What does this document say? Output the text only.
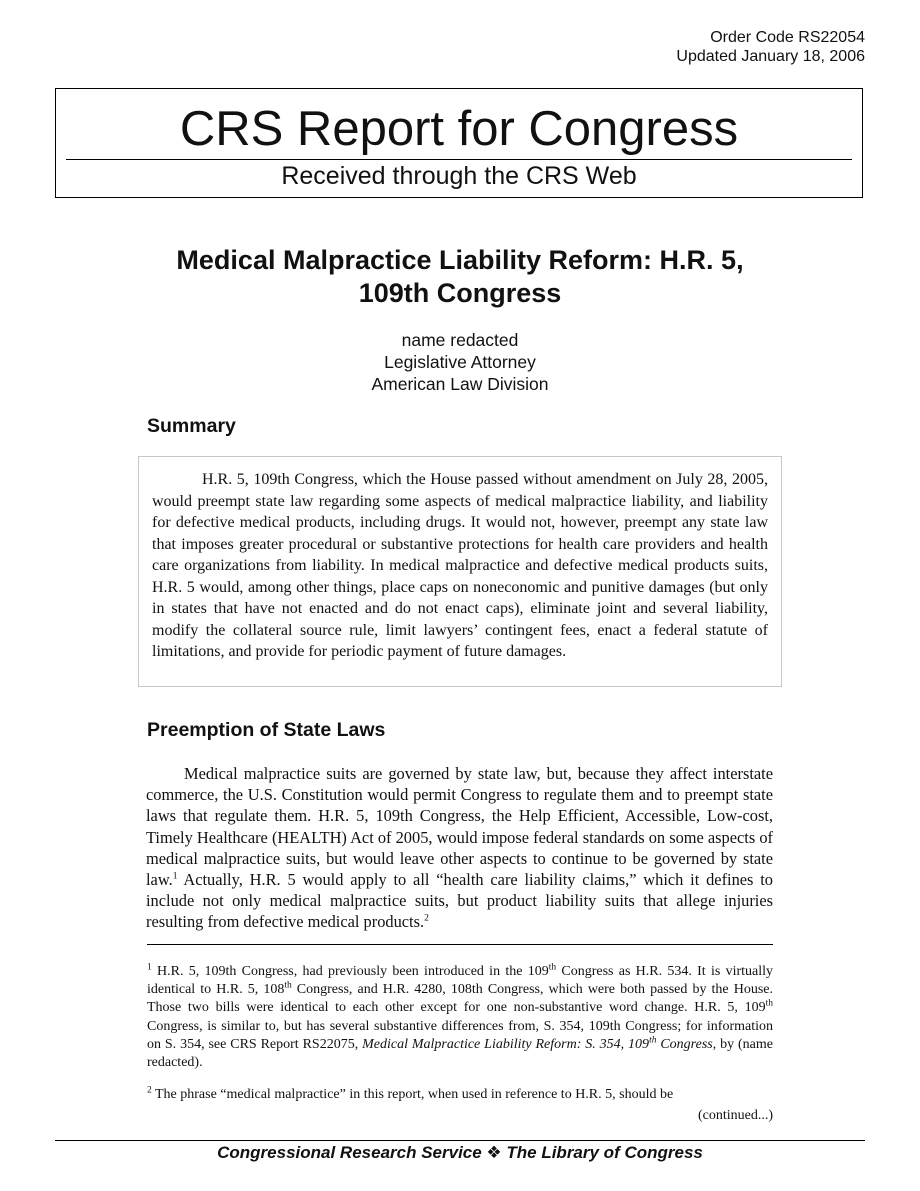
Order Code RS22054
Updated January 18, 2006
CRS Report for Congress
Received through the CRS Web
Medical Malpractice Liability Reform: H.R. 5,
109th Congress
name redacted
Legislative Attorney
American Law Division
Summary

H.R. 5, 109th Congress, which the House passed without amendment on July 28, 2005, would preempt state law regarding some aspects of medical malpractice liability, and liability for defective medical products, including drugs. It would not, however, preempt any state law that imposes greater procedural or substantive protections for health care providers and health care organizations from liability. In medical malpractice and defective medical products suits, H.R. 5 would, among other things, place caps on noneconomic and punitive damages (but only in states that have not enacted and do not enact caps), eliminate joint and several liability, modify the collateral source rule, limit lawyers’ contingent fees, enact a federal statute of limitations, and provide for periodic payment of future damages.

Preemption of State Laws

Medical malpractice suits are governed by state law, but, because they affect interstate commerce, the U.S. Constitution would permit Congress to regulate them and to preempt state laws that regulate them. H.R. 5, 109th Congress, the Help Efficient, Accessible, Low-cost, Timely Healthcare (HEALTH) Act of 2005, would impose federal standards on some aspects of medical malpractice suits, but would leave other aspects to continue to be governed by state law.$^1$ Actually, H.R. 5 would apply to all “health care liability claims,” which it defines to include not only medical malpractice suits, but product liability suits that allege injuries resulting from defective medical products.$^2$

$^1$ H.R. 5, 109th Congress, had previously been introduced in the 109th Congress as H.R. 534. It is virtually identical to H.R. 5, 108th Congress, and H.R. 4280, 108th Congress, which were both passed by the House. Those two bills were identical to each other except for one non-substantive word change. H.R. 5, 109th Congress, is similar to, but has several substantive differences from, S. 354, 109th Congress; for information on S. 354, see CRS Report RS22075, Medical Malpractice Liability Reform: S. 354, 109th Congress, by (name redacted).

$^2$ The phrase “medical malpractice” in this report, when used in reference to H.R. 5, should be

(continued...)
Congressional Research Service ❖ The Library of Congress
